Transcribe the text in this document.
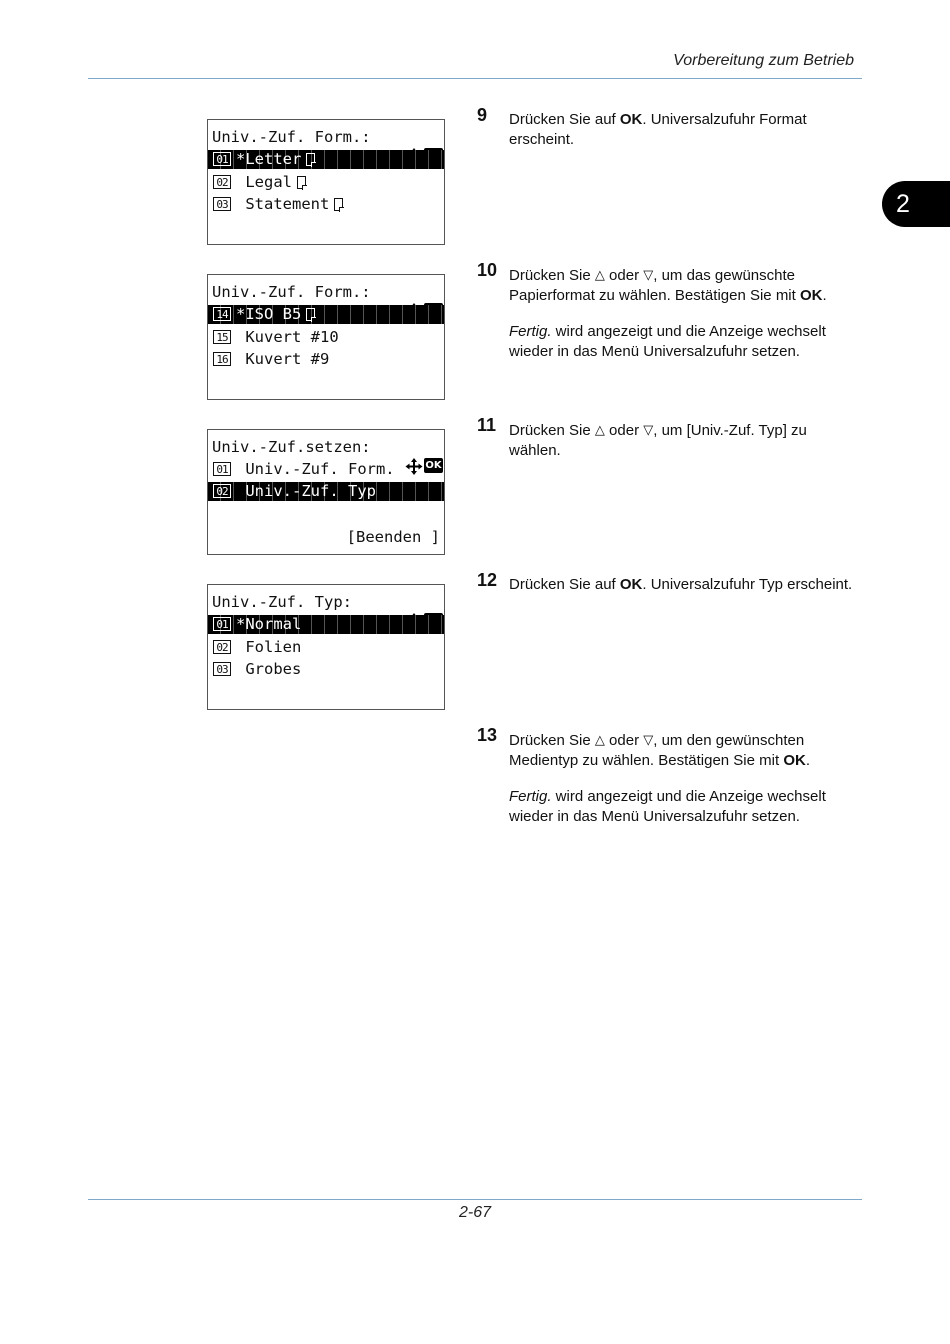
Vorbereitung zum Betrieb
2

Univ.-Zuf. Form.:

01

*Letter

02

Legal

03

Statement

Univ.-Zuf. Form.:

14

*ISO B5

15

Kuvert #10

16

Kuvert #9

Univ.-Zuf.setzen:

OK

01

Univ.-Zuf. Form.

02

Univ.-Zuf. Typ

[Beenden ]

Univ.-Zuf. Typ:

01

*Normal

02

Folien

03

Grobes

9 Drücken Sie auf OK. Universalzufuhr Format erscheint.
10 Drücken Sie △ oder ▽, um das gewünschte Papierformat zu wählen. Bestätigen Sie mit OK.
Fertig. wird angezeigt und die Anzeige wechselt wieder in das Menü Universalzufuhr setzen.
11 Drücken Sie △ oder ▽, um [Univ.-Zuf. Typ] zu wählen.
12 Drücken Sie auf OK. Universalzufuhr Typ erscheint.
13 Drücken Sie △ oder ▽, um den gewünschten Medientyp zu wählen. Bestätigen Sie mit OK.
Fertig. wird angezeigt und die Anzeige wechselt wieder in das Menü Universalzufuhr setzen.
2-67
